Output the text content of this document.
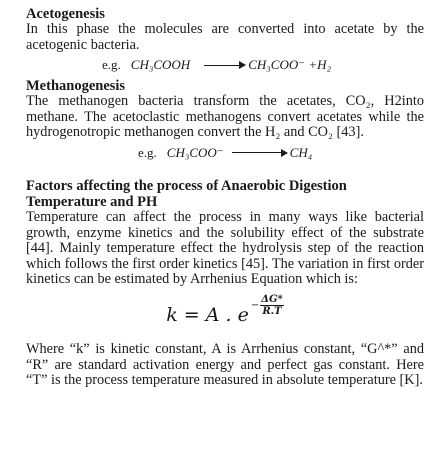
Acetogenesis

In this phase the molecules are converted into acetate by the acetogenic bacteria.

e.g. CH₃COOH	CH₃COO⁻ +H₂

Methanogenesis

The methanogen bacteria transform the acetates, CO₂, H2into methane. The acetoclastic methanogens convert acetates while the hydrogenotropic methanogen convert the H₂ and CO₂ [43].

e.g. CH₃COO⁻	CH₄

Factors affecting the process of Anaerobic Digestion

Temperature and PH

Temperature can affect the process in many ways like bacterial growth, enzyme kinetics and the solubility effect of the substrate [44]. Mainly temperature effect the hydrolysis step of the reaction which follows the first order kinetics [45]. The variation in first order kinetics can be estimated by Arrhenius Equation which is:

k = A . $e - \frac{\Delta G*}{R.T}$

Where “k” is kinetic constant, A is Arrhenius constant, “G^*” and “R” are standard activation energy and perfect gas constant. Here “T” is the process temperature measured in absolute temperature [K].
